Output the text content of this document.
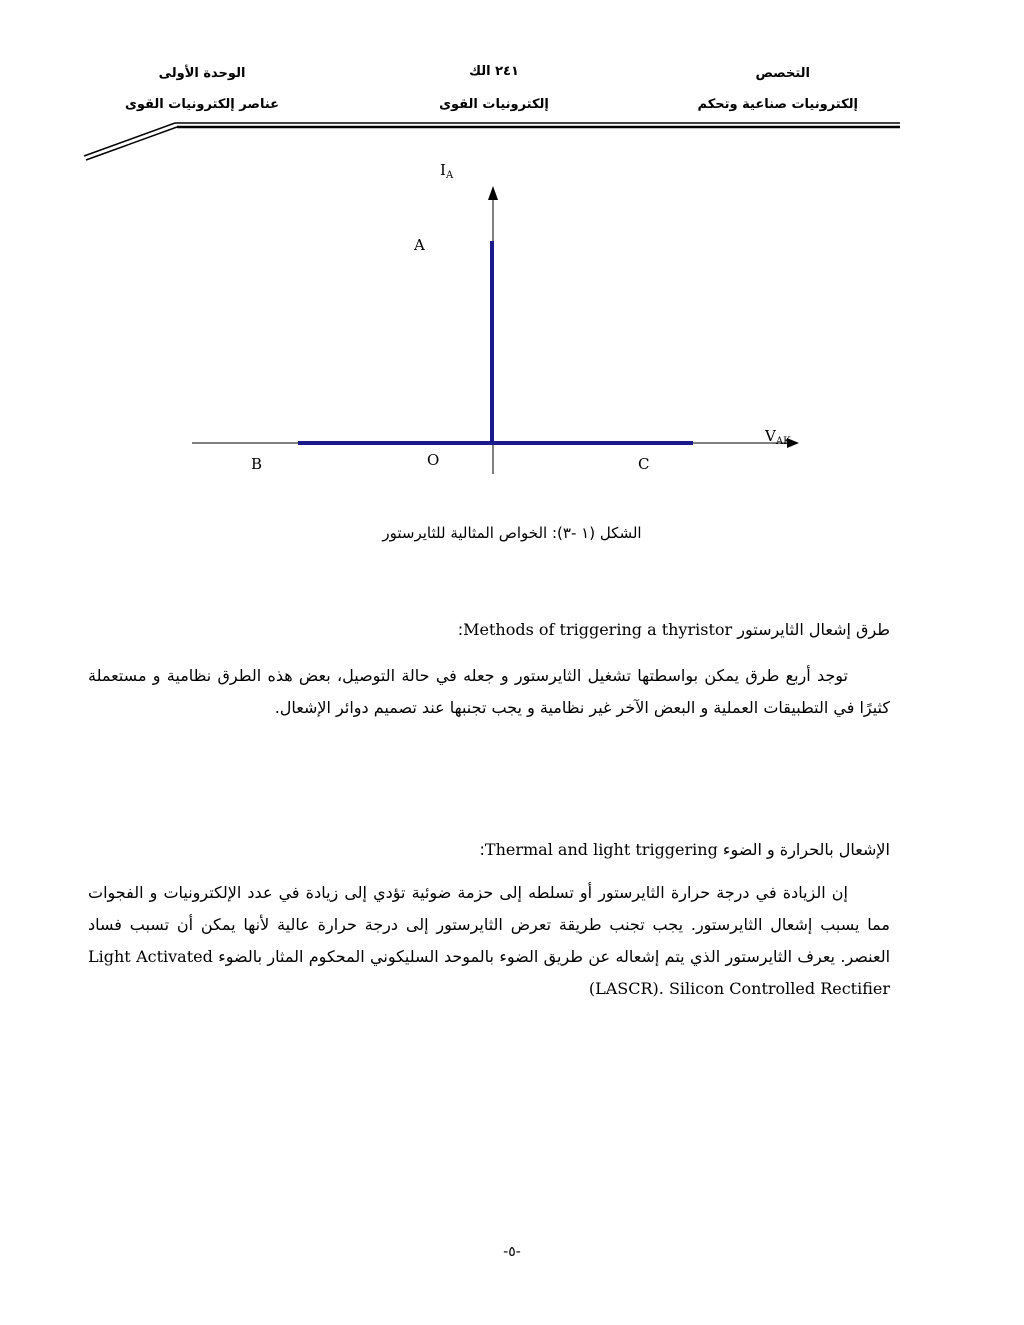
التخصص
إلكترونيات صناعية وتحكم
٢٤١ الك
إلكترونيات القوى
الوحدة الأولى
عناصر إلكترونيات القوى
$I_A$
A
$V_{AK}$
B	O	C
الشكل (١ -٣): الخواص المثالية للثايرستور
طرق إشعال الثايرستور Methods of triggering a thyristor:
توجد أربع طرق يمكن بواسطتها تشغيل الثايرستور و جعله في حالة التوصيل، بعض هذه الطرق نظامية و مستعملة كثيرًا في التطبيقات العملية و البعض الآخر غير نظامية و يجب تجنبها عند تصميم دوائر الإشعال.
الإشعال بالحرارة و الضوء Thermal and light triggering:
إن الزيادة في درجة حرارة الثايرستور أو تسلطه إلى حزمة ضوئية تؤدي إلى زيادة في عدد الإلكترونيات و الفجوات مما يسبب إشعال الثايرستور. يجب تجنب طريقة تعرض الثايرستور إلى درجة حرارة عالية لأنها يمكن أن تسبب فساد العنصر. يعرف الثايرستور الذي يتم إشعاله عن طريق الضوء بالموحد السليكوني المحكوم المثار بالضوء Light Activated Silicon Controlled Rectifier (LASCR).
-٥-
